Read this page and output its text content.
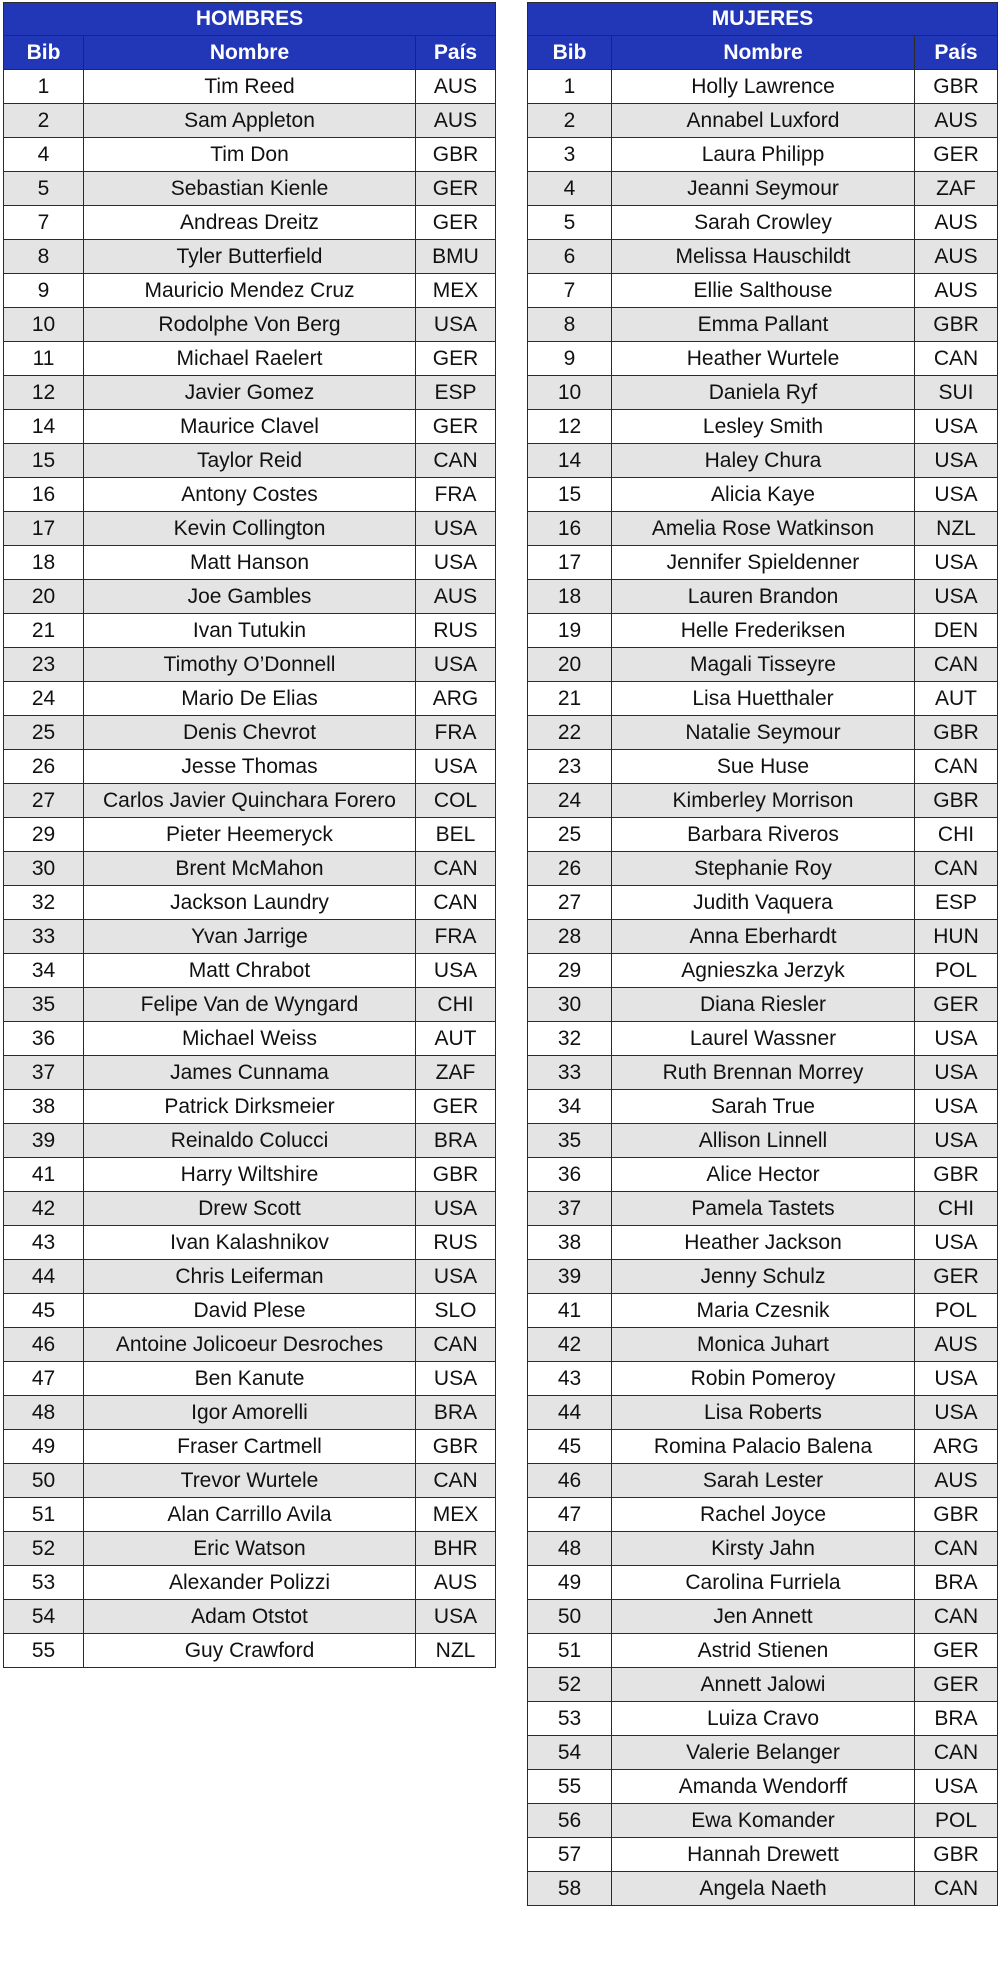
HOMBRES		
Bib	Nombre	País
1	Tim Reed	AUS
2	Sam Appleton	AUS
4	Tim Don	GBR
5	Sebastian Kienle	GER
7	Andreas Dreitz	GER
8	Tyler Butterfield	BMU
9	Mauricio Mendez Cruz	MEX
10	Rodolphe Von Berg	USA
11	Michael Raelert	GER
12	Javier Gomez	ESP
14	Maurice Clavel	GER
15	Taylor Reid	CAN
16	Antony Costes	FRA
17	Kevin Collington	USA
18	Matt Hanson	USA
20	Joe Gambles	AUS
21	Ivan Tutukin	RUS
23	Timothy O’Donnell	USA
24	Mario De Elias	ARG
25	Denis Chevrot	FRA
26	Jesse Thomas	USA
27	Carlos Javier Quinchara Forero	COL
29	Pieter Heemeryck	BEL
30	Brent McMahon	CAN
32	Jackson Laundry	CAN
33	Yvan Jarrige	FRA
34	Matt Chrabot	USA
35	Felipe Van de Wyngard	CHI
36	Michael Weiss	AUT
37	James Cunnama	ZAF
38	Patrick Dirksmeier	GER
39	Reinaldo Colucci	BRA
41	Harry Wiltshire	GBR
42	Drew Scott	USA
43	Ivan Kalashnikov	RUS
44	Chris Leiferman	USA
45	David Plese	SLO
46	Antoine Jolicoeur Desroches	CAN
47	Ben Kanute	USA
48	Igor Amorelli	BRA
49	Fraser Cartmell	GBR
50	Trevor Wurtele	CAN
51	Alan Carrillo Avila	MEX
52	Eric Watson	BHR
53	Alexander Polizzi	AUS
54	Adam Otstot	USA
55	Guy Crawford	NZL
MUJERES		
Bib	Nombre	País
1	Holly Lawrence	GBR
2	Annabel Luxford	AUS
3	Laura Philipp	GER
4	Jeanni Seymour	ZAF
5	Sarah Crowley	AUS
6	Melissa Hauschildt	AUS
7	Ellie Salthouse	AUS
8	Emma Pallant	GBR
9	Heather Wurtele	CAN
10	Daniela Ryf	SUI
12	Lesley Smith	USA
14	Haley Chura	USA
15	Alicia Kaye	USA
16	Amelia Rose Watkinson	NZL
17	Jennifer Spieldenner	USA
18	Lauren Brandon	USA
19	Helle Frederiksen	DEN
20	Magali Tisseyre	CAN
21	Lisa Huetthaler	AUT
22	Natalie Seymour	GBR
23	Sue Huse	CAN
24	Kimberley Morrison	GBR
25	Barbara Riveros	CHI
26	Stephanie Roy	CAN
27	Judith Vaquera	ESP
28	Anna Eberhardt	HUN
29	Agnieszka Jerzyk	POL
30	Diana Riesler	GER
32	Laurel Wassner	USA
33	Ruth Brennan Morrey	USA
34	Sarah True	USA
35	Allison Linnell	USA
36	Alice Hector	GBR
37	Pamela Tastets	CHI
38	Heather Jackson	USA
39	Jenny Schulz	GER
41	Maria Czesnik	POL
42	Monica Juhart	AUS
43	Robin Pomeroy	USA
44	Lisa Roberts	USA
45	Romina Palacio Balena	ARG
46	Sarah Lester	AUS
47	Rachel Joyce	GBR
48	Kirsty Jahn	CAN
49	Carolina Furriela	BRA
50	Jen Annett	CAN
51	Astrid Stienen	GER
52	Annett Jalowi	GER
53	Luiza Cravo	BRA
54	Valerie Belanger	CAN
55	Amanda Wendorff	USA
56	Ewa Komander	POL
57	Hannah Drewett	GBR
58	Angela Naeth	CAN
